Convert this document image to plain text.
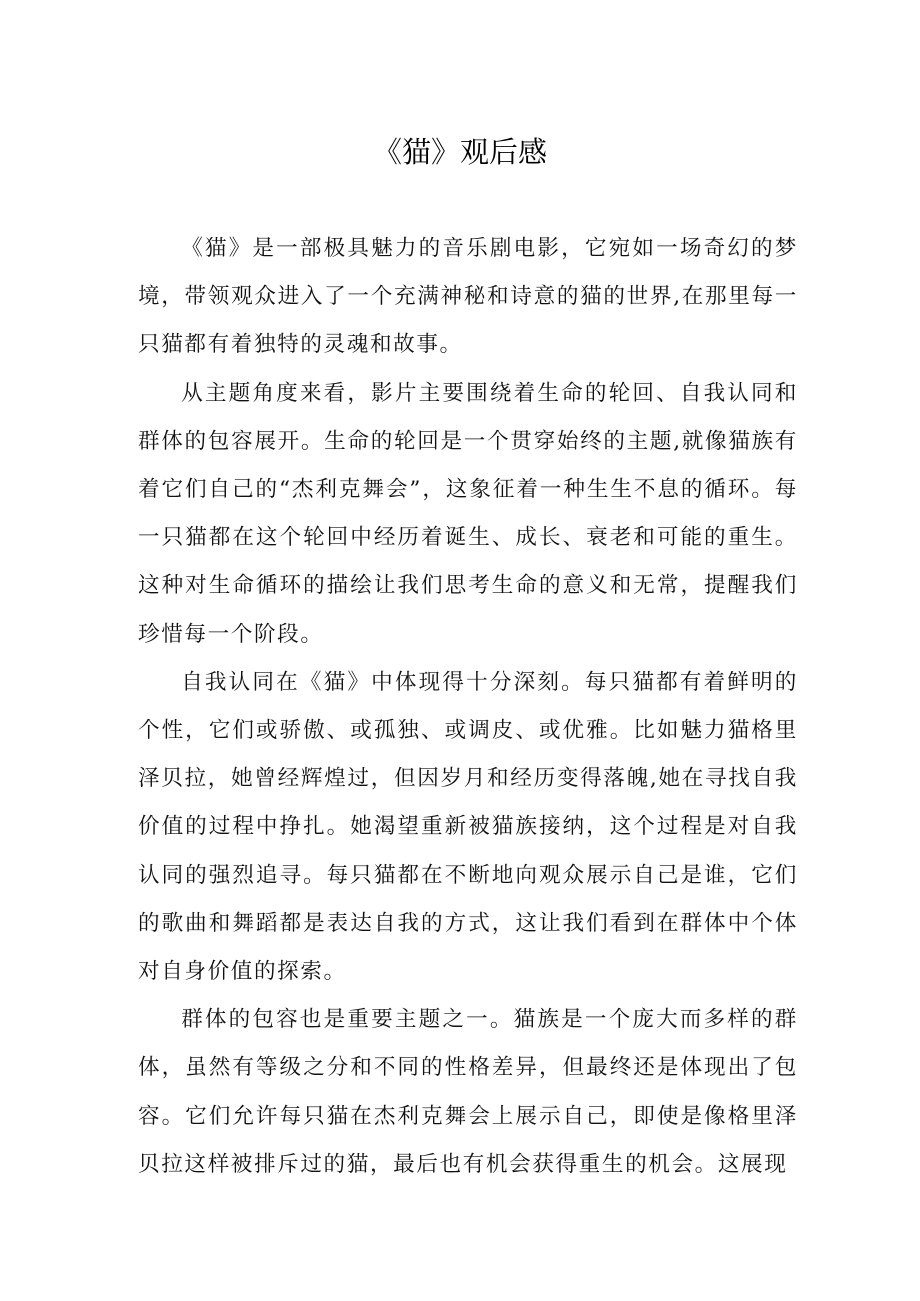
《猫》观后感

《猫》是一部极具魅力的音乐剧电影，它宛如一场奇幻的梦境，带领观众进入了一个充满神秘和诗意的猫的世界,在那里每一只猫都有着独特的灵魂和故事。

从主题角度来看，影片主要围绕着生命的轮回、自我认同和群体的包容展开。生命的轮回是一个贯穿始终的主题,就像猫族有着它们自己的“杰利克舞会”，这象征着一种生生不息的循环。每一只猫都在这个轮回中经历着诞生、成长、衰老和可能的重生。这种对生命循环的描绘让我们思考生命的意义和无常，提醒我们珍惜每一个阶段。

自我认同在《猫》中体现得十分深刻。每只猫都有着鲜明的个性，它们或骄傲、或孤独、或调皮、或优雅。比如魅力猫格里泽贝拉，她曾经辉煌过，但因岁月和经历变得落魄,她在寻找自我价值的过程中挣扎。她渴望重新被猫族接纳，这个过程是对自我认同的强烈追寻。每只猫都在不断地向观众展示自己是谁，它们的歌曲和舞蹈都是表达自我的方式，这让我们看到在群体中个体对自身价值的探索。

群体的包容也是重要主题之一。猫族是一个庞大而多样的群体，虽然有等级之分和不同的性格差异，但最终还是体现出了包容。它们允许每只猫在杰利克舞会上展示自己，即使是像格里泽贝拉这样被排斥过的猫，最后也有机会获得重生的机会。这展现
